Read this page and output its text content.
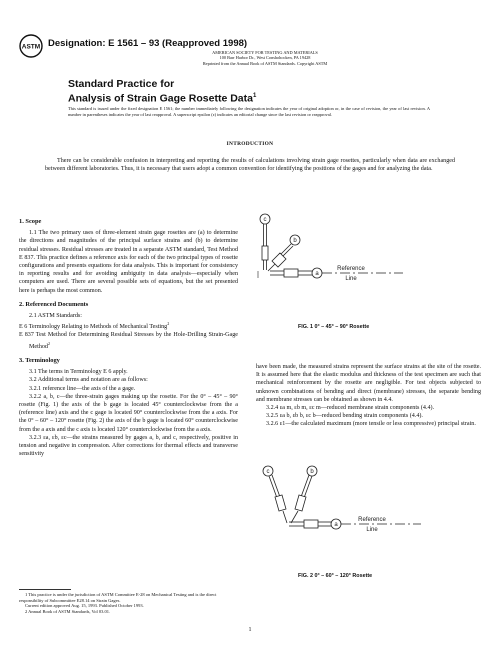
ASTM Designation: E 1561 – 93 (Reapproved 1998)
AMERICAN SOCIETY FOR TESTING AND MATERIALS
100 Barr Harbor Dr., West Conshohocken, PA 19428
Reprinted from the Annual Book of ASTM Standards. Copyright ASTM
Standard Practice for
Analysis of Strain Gage Rosette Data$^1$
This standard is issued under the fixed designation E 1561; the number immediately following the designation indicates the year of original adoption or, in the case of revision, the year of last revision. A number in parentheses indicates the year of last reapproval. A superscript epsilon (ε) indicates an editorial change since the last revision or reapproval.
INTRODUCTION
There can be considerable confusion in interpreting and reporting the results of calculations involving strain gage rosettes, particularly when data are exchanged between different laboratories. Thus, it is necessary that users adopt a common convention for identifying the positions of the gages and for analyzing the data.

1. Scope

1.1 The two primary uses of three-element strain gage rosettes are (a) to determine the directions and magnitudes of the principal surface strains and (b) to determine residual stresses. Residual stresses are treated in a separate ASTM standard, Test Method E 837. This practice defines a reference axis for each of the two principal types of rosette configurations and presents equations for data analysis. This is important for consistency in reporting results and for avoiding ambiguity in data analysis—especially when computers are used. There are several possible sets of equations, but the set presented here is perhaps the most common.

2. Referenced Documents

2.1 ASTM Standards:

E 6 Terminology Relating to Methods of Mechanical Testing$^2$

E 837 Test Method for Determining Residual Stresses by the Hole-Drilling Strain-Gage Method$^2$

3. Terminology

3.1 The terms in Terminology E 6 apply.

3.2 Additional terms and notation are as follows:

3.2.1 reference line—the axis of the a gage.

3.2.2 a, b, c—the three-strain gages making up the rosette. For the 0° – 45° – 90° rosette (Fig. 1) the axis of the b gage is located 45° counterclockwise from the a (reference line) axis and the c gage is located 90° counterclockwise from the a axis. For the 0° – 60° – 120° rosette (Fig. 2) the axis of the b gage is located 60° counterclockwise from the a axis and the c axis is located 120° counterclockwise from the a axis.

3.2.3 εa, εb, εc—the strains measured by gages a, b, and c, respectively, positive in tension and negative in compression. After corrections for thermal effects and transverse sensitivity

c
b
a
Reference
Line
FIG. 1 0° – 45° – 90° Rosette

have been made, the measured strains represent the surface strains at the site of the rosette. It is assumed here that the elastic modulus and thickness of the test specimen are such that mechanical reinforcement by the rosette are negligible. For test objects subjected to unknown combinations of bending and direct (membrane) stresses, the separate bending and membrane stresses can be obtained as shown in 4.4.

3.2.4 εa m, εb m, εc m—reduced membrane strain components (4.4).

3.2.5 εa b, εb b, εc b—reduced bending strain components (4.4).

3.2.6 ε1—the calculated maximum (more tensile or less compressive) principal strain.

c	b
a
Reference
Line
FIG. 2 0° – 60° – 120° Rosette

1 This practice is under the jurisdiction of ASTM Committee E-28 on Mechanical Testing and is the direct responsibility of Subcommittee E28.14 on Strain Gages.

Current edition approved Aug. 15, 1993. Published October 1993.

2 Annual Book of ASTM Standards, Vol 03.01.

1
